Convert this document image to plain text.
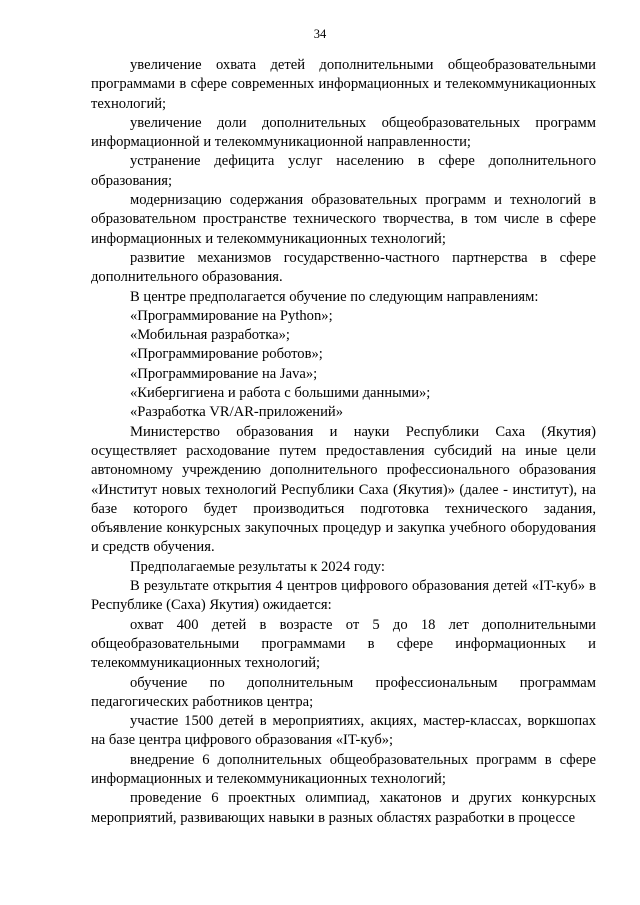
34

увеличение охвата детей дополнительными общеобразовательными программами в сфере современных информационных и телекоммуникационных технологий;

увеличение доли дополнительных общеобразовательных программ информационной и телекоммуникационной направленности;

устранение дефицита услуг населению в сфере дополнительного образования;

модернизацию содержания образовательных программ и технологий в образовательном пространстве технического творчества, в том числе в сфере информационных и телекоммуникационных технологий;

развитие механизмов государственно-частного партнерства в сфере дополнительного образования.

В центре предполагается обучение по следующим направлениям:

«Программирование на Python»;

«Мобильная разработка»;

«Программирование роботов»;

«Программирование на Java»;

«Кибергигиена и работа с большими данными»;

«Разработка VR/AR-приложений»

Министерство образования и науки Республики Саха (Якутия) осуществляет расходование путем предоставления субсидий на иные цели автономному учреждению дополнительного профессионального образования «Институт новых технологий Республики Саха (Якутия)» (далее - институт), на базе которого будет производиться подготовка технического задания, объявление конкурсных закупочных процедур и закупка учебного оборудования и средств обучения.

Предполагаемые результаты к 2024 году:

В результате открытия 4 центров цифрового образования детей «IT-куб» в Республике (Саха) Якутия) ожидается:

охват 400 детей в возрасте от 5 до 18 лет дополнительными общеобразовательными программами в сфере информационных и телекоммуникационных технологий;

обучение по дополнительным профессиональным программам педагогических работников центра;

участие 1500 детей в мероприятиях, акциях, мастер-классах, воркшопах на базе центра цифрового образования «IT-куб»;

внедрение 6 дополнительных общеобразовательных программ в сфере информационных и телекоммуникационных технологий;

проведение 6 проектных олимпиад, хакатонов и других конкурсных мероприятий, развивающих навыки в разных областях разработки в процессе
